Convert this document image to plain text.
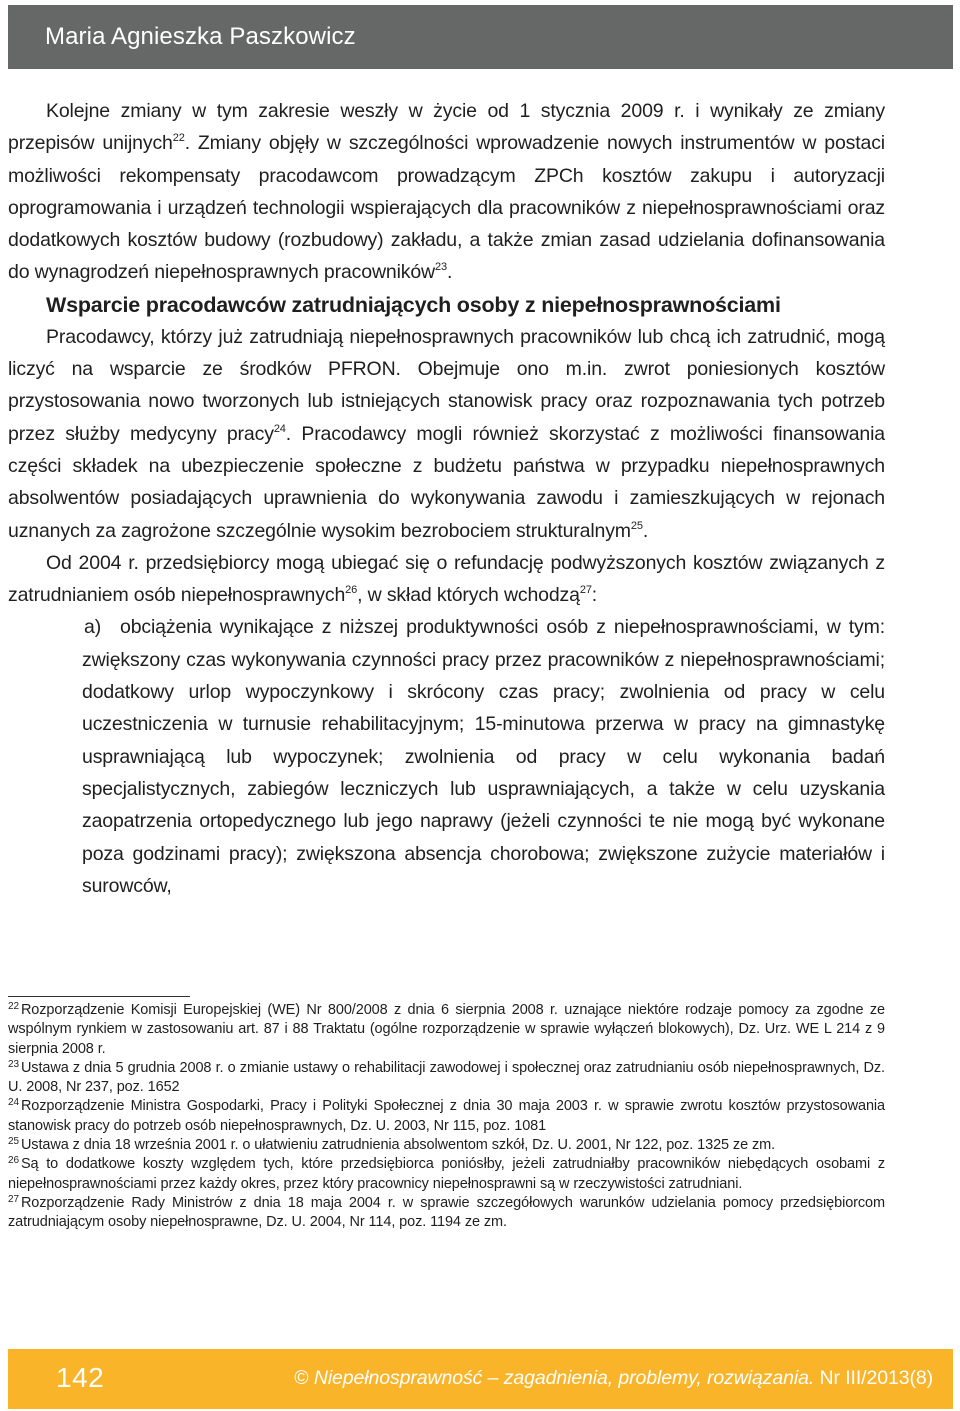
Maria Agnieszka Paszkowicz

Kolejne zmiany w tym zakresie weszły w życie od 1 stycznia 2009 r. i wynikały ze zmiany przepisów unijnych$^{22}$. Zmiany objęły w szczególności wprowadzenie nowych instrumentów w postaci możliwości rekompensaty pracodawcom prowadzącym ZPCh kosztów zakupu i autoryzacji oprogramowania i urządzeń technologii wspierających dla pracowników z niepełnosprawnościami oraz dodatkowych kosztów budowy (rozbudowy) zakładu, a także zmian zasad udzielania dofinansowania do wynagrodzeń niepełnosprawnych pracowników$^{23}$.

Wsparcie pracodawców zatrudniających osoby z niepełnosprawnościami

Pracodawcy, którzy już zatrudniają niepełnosprawnych pracowników lub chcą ich zatrudnić, mogą liczyć na wsparcie ze środków PFRON. Obejmuje ono m.in. zwrot poniesionych kosztów przystosowania nowo tworzonych lub istniejących stanowisk pracy oraz rozpoznawania tych potrzeb przez służby medycyny pracy$^{24}$. Pracodawcy mogli również skorzystać z możliwości finansowania części składek na ubezpieczenie społeczne z budżetu państwa w przypadku niepełnosprawnych absolwentów posiadających uprawnienia do wykonywania zawodu i zamieszkujących w rejonach uznanych za zagrożone szczególnie wysokim bezrobociem strukturalnym$^{25}$.

Od 2004 r. przedsiębiorcy mogą ubiegać się o refundację podwyższonych kosztów związanych z zatrudnianiem osób niepełnosprawnych$^{26}$, w skład których wchodzą$^{27}$:

a) obciążenia wynikające z niższej produktywności osób z niepełnosprawnościami, w tym: zwiększony czas wykonywania czynności pracy przez pracowników z niepełnosprawnościami; dodatkowy urlop wypoczynkowy i skrócony czas pracy; zwolnienia od pracy w celu uczestniczenia w turnusie rehabilitacyjnym; 15-minutowa przerwa w pracy na gimnastykę usprawniającą lub wypoczynek; zwolnienia od pracy w celu wykonania badań specjalistycznych, zabiegów leczniczych lub usprawniających, a także w celu uzyskania zaopatrzenia ortopedycznego lub jego naprawy (jeżeli czynności te nie mogą być wykonane poza godzinami pracy); zwiększona absencja chorobowa; zwiększone zużycie materiałów i surowców,

$^{22}$ Rozporządzenie Komisji Europejskiej (WE) Nr 800/2008 z dnia 6 sierpnia 2008 r. uznające niektóre rodzaje pomocy za zgodne ze wspólnym rynkiem w zastosowaniu art. 87 i 88 Traktatu (ogólne rozporządzenie w sprawie wyłączeń blokowych), Dz. Urz. WE L 214 z 9 sierpnia 2008 r.

$^{23}$ Ustawa z dnia 5 grudnia 2008 r. o zmianie ustawy o rehabilitacji zawodowej i społecznej oraz zatrudnianiu osób niepełnosprawnych, Dz. U. 2008, Nr 237, poz. 1652

$^{24}$ Rozporządzenie Ministra Gospodarki, Pracy i Polityki Społecznej z dnia 30 maja 2003 r. w sprawie zwrotu kosztów przystosowania stanowisk pracy do potrzeb osób niepełnosprawnych, Dz. U. 2003, Nr 115, poz. 1081

$^{25}$ Ustawa z dnia 18 września 2001 r. o ułatwieniu zatrudnienia absolwentom szkół, Dz. U. 2001, Nr 122, poz. 1325 ze zm.

$^{26}$ Są to dodatkowe koszty względem tych, które przedsiębiorca poniósłby, jeżeli zatrudniałby pracowników niebędących osobami z niepełnosprawnościami przez każdy okres, przez który pracownicy niepełnosprawni są w rzeczywistości zatrudniani.

$^{27}$ Rozporządzenie Rady Ministrów z dnia 18 maja 2004 r. w sprawie szczegółowych warunków udzielania pomocy przedsiębiorcom zatrudniającym osoby niepełnosprawne, Dz. U. 2004, Nr 114, poz. 1194 ze zm.

142	© Niepełnosprawność – zagadnienia, problemy, rozwiązania. Nr III/2013(8)
